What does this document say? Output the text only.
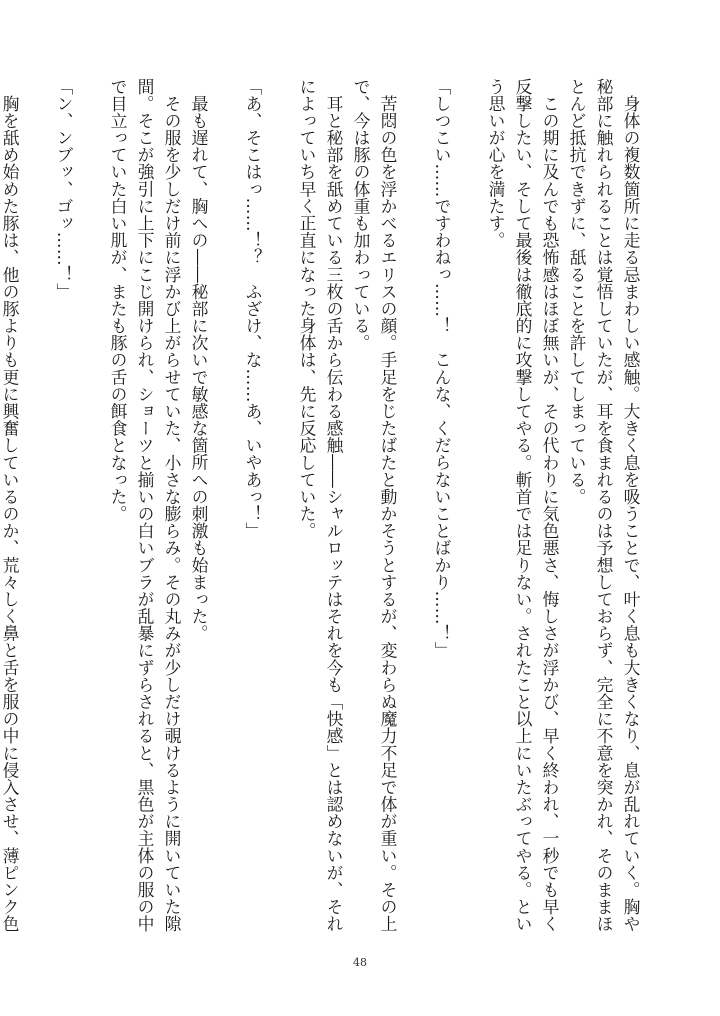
　身体の複数箇所に走る忌まわしい感触。大きく息を吸うことで、叶く息も大きくなり、息が乱れていく。胸や秘部に触れられることは覚悟していたが、耳を食まれるのは予想しておらず、完全に不意を突かれ、そのままほとんど抵抗できずに、舐ることを許してしまっている。

　この期に及んでも恐怖感はほぼ無いが、その代わりに気色悪さ、悔しさが浮かび、早く終われ、一秒でも早く反撃したい、そして最後は徹底的に攻撃してやる。斬首では足りない。されたこと以上にいたぶってやる。という思いが心を満たす。

「しつこい……ですわねっ……！　こんな、くだらないことばかり……！」

　苦悶の色を浮かべるエリスの顔。手足をじたばたと動かそうとするが、変わらぬ魔力不足で体が重い。その上で、今は豚の体重も加わっている。

　耳と秘部を舐めている三枚の舌から伝わる感触――シャルロッテはそれを今も「快感」とは認めないが、それによっていち早く正直になった身体は、先に反応していた。

「あ、そこはっ……！？　ふざけ、な……あ、いやあっ！」

　最も遅れて、胸への――秘部に次いで敏感な箇所への刺激も始まった。

　その服を少しだけ前に浮かび上がらせていた、小さな膨らみ。その丸みが少しだけ覗けるように開いていた隙間。そこが強引に上下にこじ開けられ、ショーツと揃いの白いブラが乱暴にずらされると、黒色が主体の服の中で目立っていた白い肌が、またも豚の舌の餌食となった。

「ン、ンブッ、ゴッ……！」

　胸を舐め始めた豚は、他の豚よりも更に興奮しているのか、荒々しく鼻と舌を服の中に侵入させ、薄ピンク色

48
